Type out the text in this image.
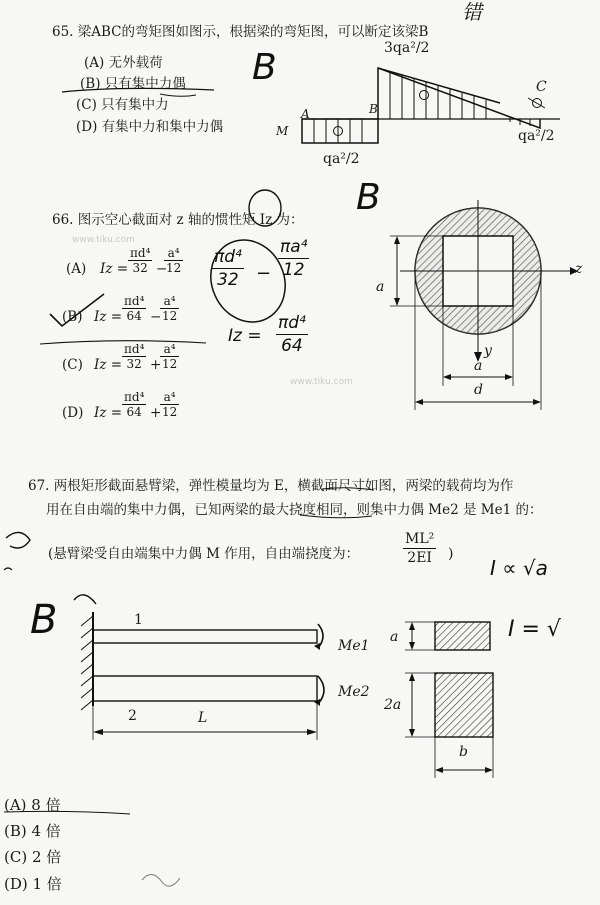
65. 梁ABC的弯矩图如图示，根据梁的弯矩图，可以断定该梁B
错
(A) 无外载荷
(B) 只有集中力偶
(C) 只有集中力
(D) 有集中力和集中力偶
B	3qa²/2
qa²/2
qa²/2
A	B
C
M
66. 图示空心截面对 z 轴的惯性矩 Iz 为：
www.tiku.com
B
(A) $Iz = \frac{\text{πd⁴}}{32}$ −
$\frac{\text{a⁴}}{12}$
(B) $Iz = \frac{\text{πd⁴}}{64}$ −
$\frac{\text{a⁴}}{12}$
(C) $Iz = \frac{\text{πd⁴}}{32}$ +
$\frac{\text{a⁴}}{12}$
(D) $Iz = \frac{\text{πd⁴}}{64}$ +
$\frac{\text{a⁴}}{12}$
$\frac{\text{πd⁴}}{32} - \frac{\text{πa⁴}}{12}$
$Iz = \frac{\text{πd⁴}}{64}$
z
y
a
a
d
www.tiku.com
67. 两根矩形截面悬臂梁，弹性模量均为 E，横截面尺寸如图，两梁的载荷均为作
用在自由端的集中力偶，已知两梁的最大挠度相同，则集中力偶 Me2 是 Me1 的：
(悬臂梁受自由端集中力偶 M 作用，自由端挠度为：	$\frac{\text{ML²}}{2EI}$ )
I ∝ √a
I = √
B	1
2	L
Me1
Me2
a
2a
b
(A) 8 倍
(B) 4 倍
(C) 2 倍
(D) 1 倍
